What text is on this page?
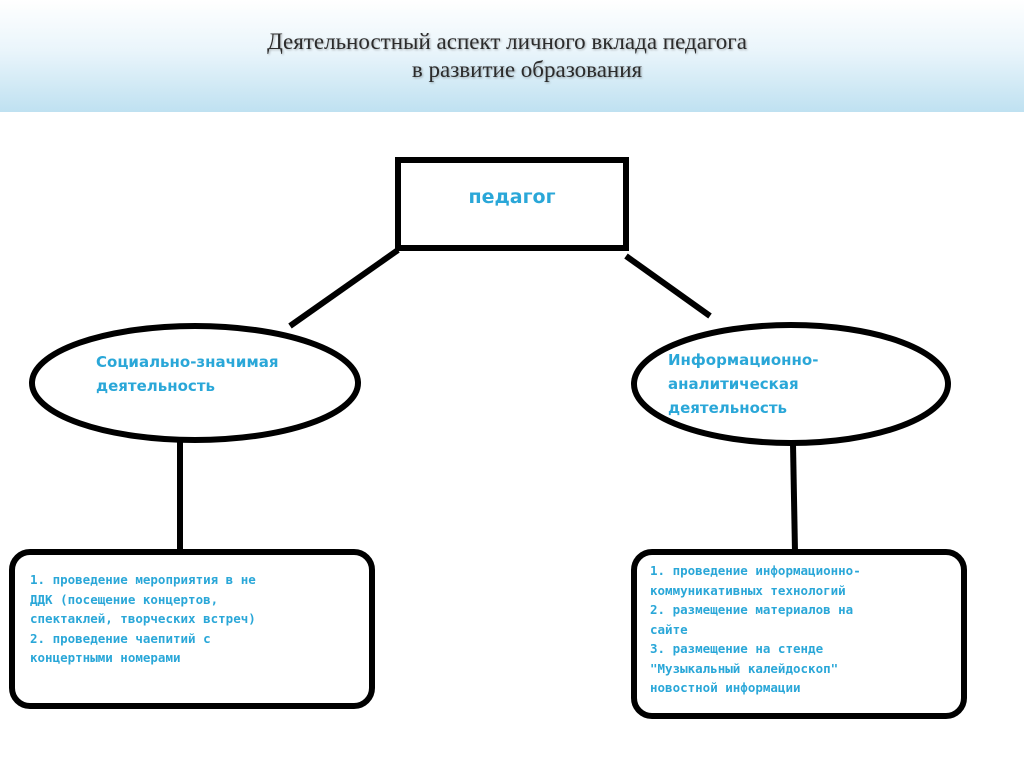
Деятельностный аспект личного вклада педагога
в развитие образования
педагог
Социально-значимая
деятельность
Информационно-
аналитическая
деятельность
1. проведение мероприятия в не
ДДК (посещение концертов,
спектаклей, творческих встреч)
2. проведение чаепитий с
концертными номерами
1. проведение информационно-
коммуникативных технологий
2. размещение материалов на
сайте
3. размещение на стенде
"Музыкальный калейдоскоп"
новостной информации
